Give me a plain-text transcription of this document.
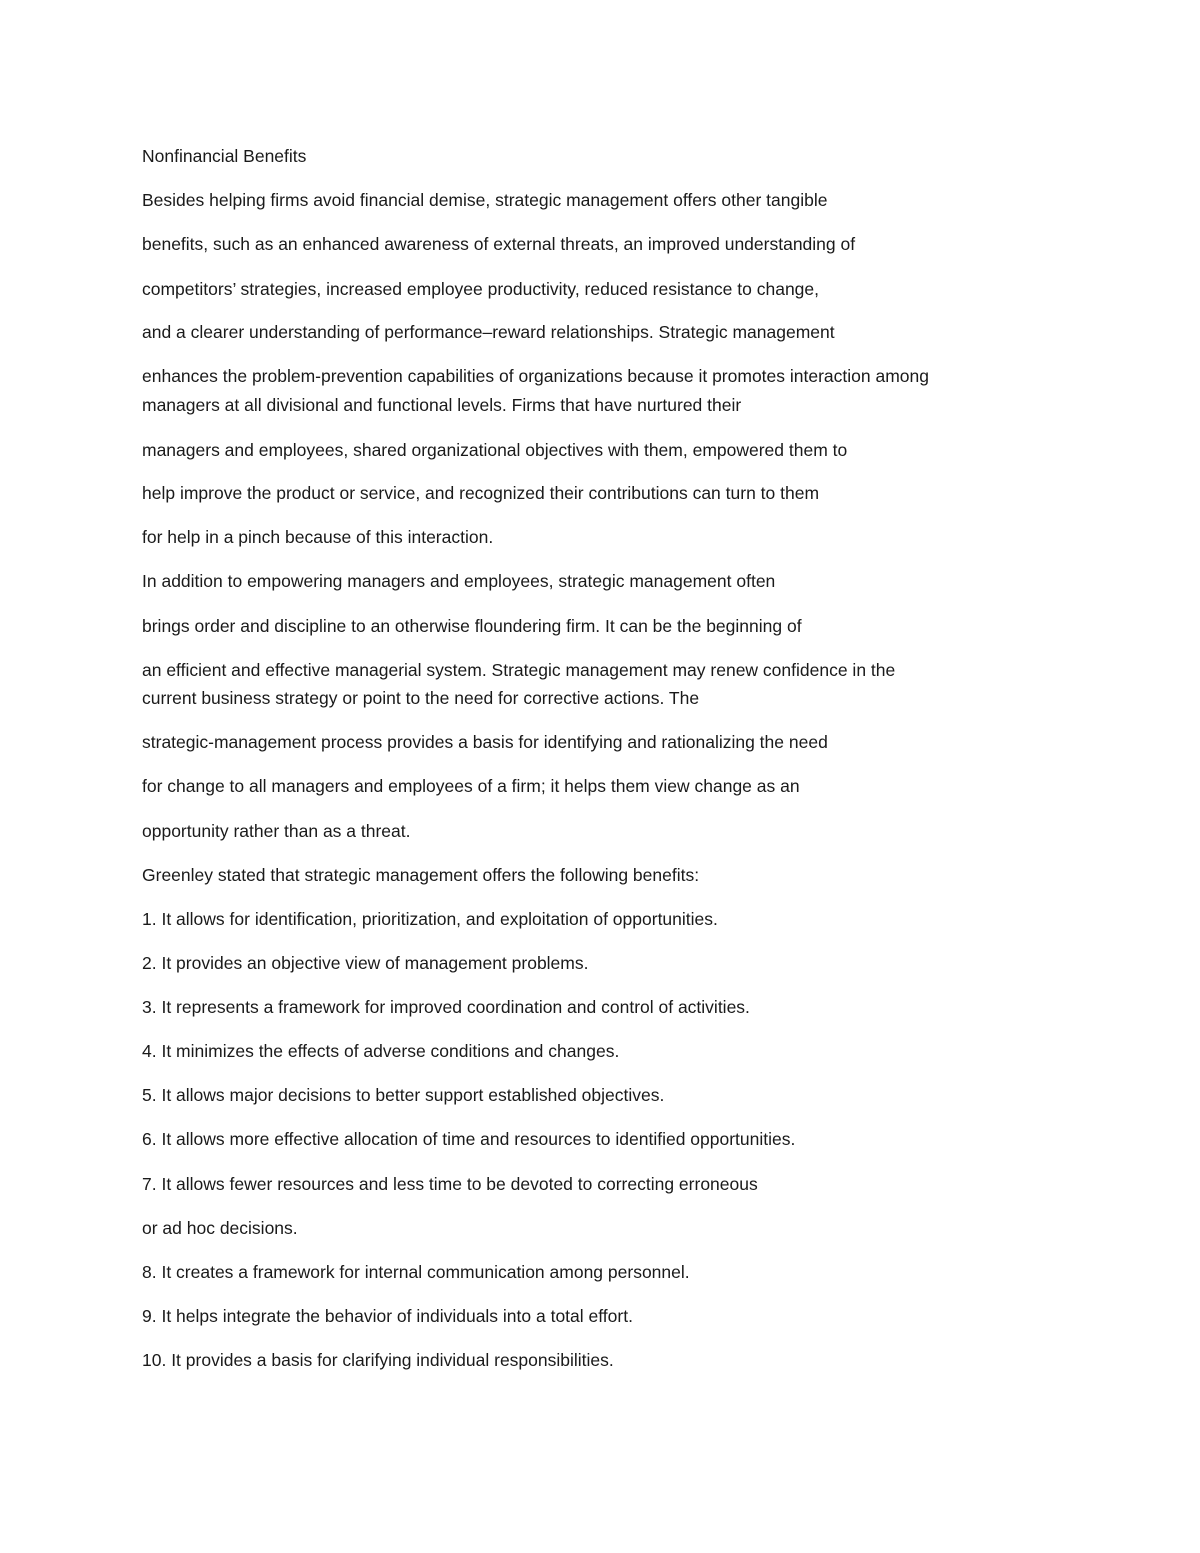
Nonfinancial Benefits

Besides helping firms avoid financial demise, strategic management offers other tangible

benefits, such as an enhanced awareness of external threats, an improved understanding of

competitors’ strategies, increased employee productivity, reduced resistance to change,

and a clearer understanding of performance–reward relationships. Strategic management

enhances the problem-prevention capabilities of organizations because it promotes interaction among

managers at all divisional and functional levels. Firms that have nurtured their

managers and employees, shared organizational objectives with them, empowered them to

help improve the product or service, and recognized their contributions can turn to them

for help in a pinch because of this interaction.

In addition to empowering managers and employees, strategic management often

brings order and discipline to an otherwise floundering firm. It can be the beginning of

an efficient and effective managerial system. Strategic management may renew confidence in the

current business strategy or point to the need for corrective actions. The

strategic-management process provides a basis for identifying and rationalizing the need

for change to all managers and employees of a firm; it helps them view change as an

opportunity rather than as a threat.

Greenley stated that strategic management offers the following benefits:

1. It allows for identification, prioritization, and exploitation of opportunities.

2. It provides an objective view of management problems.

3. It represents a framework for improved coordination and control of activities.

4. It minimizes the effects of adverse conditions and changes.

5. It allows major decisions to better support established objectives.

6. It allows more effective allocation of time and resources to identified opportunities.

7. It allows fewer resources and less time to be devoted to correcting erroneous

or ad hoc decisions.

8. It creates a framework for internal communication among personnel.

9. It helps integrate the behavior of individuals into a total effort.

10. It provides a basis for clarifying individual responsibilities.
